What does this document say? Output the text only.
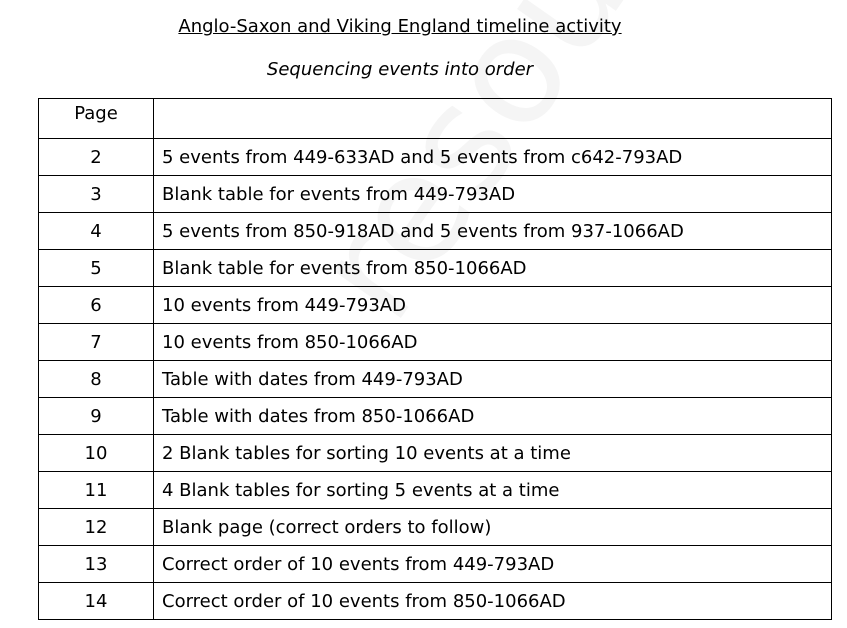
Anglo-Saxon and Viking England timeline activity
Sequencing events into order
Page	
2	5 events from 449-633AD and 5 events from c642-793AD
3	Blank table for events from 449-793AD
4	5 events from 850-918AD and 5 events from 937-1066AD
5	Blank table for events from 850-1066AD
6	10 events from 449-793AD
7	10 events from 850-1066AD
8	Table with dates from 449-793AD
9	Table with dates from 850-1066AD
10	2 Blank tables for sorting 10 events at a time
11	4 Blank tables for sorting 5 events at a time
12	Blank page (correct orders to follow)
13	Correct order of 10 events from 449-793AD
14	Correct order of 10 events from 850-1066AD
